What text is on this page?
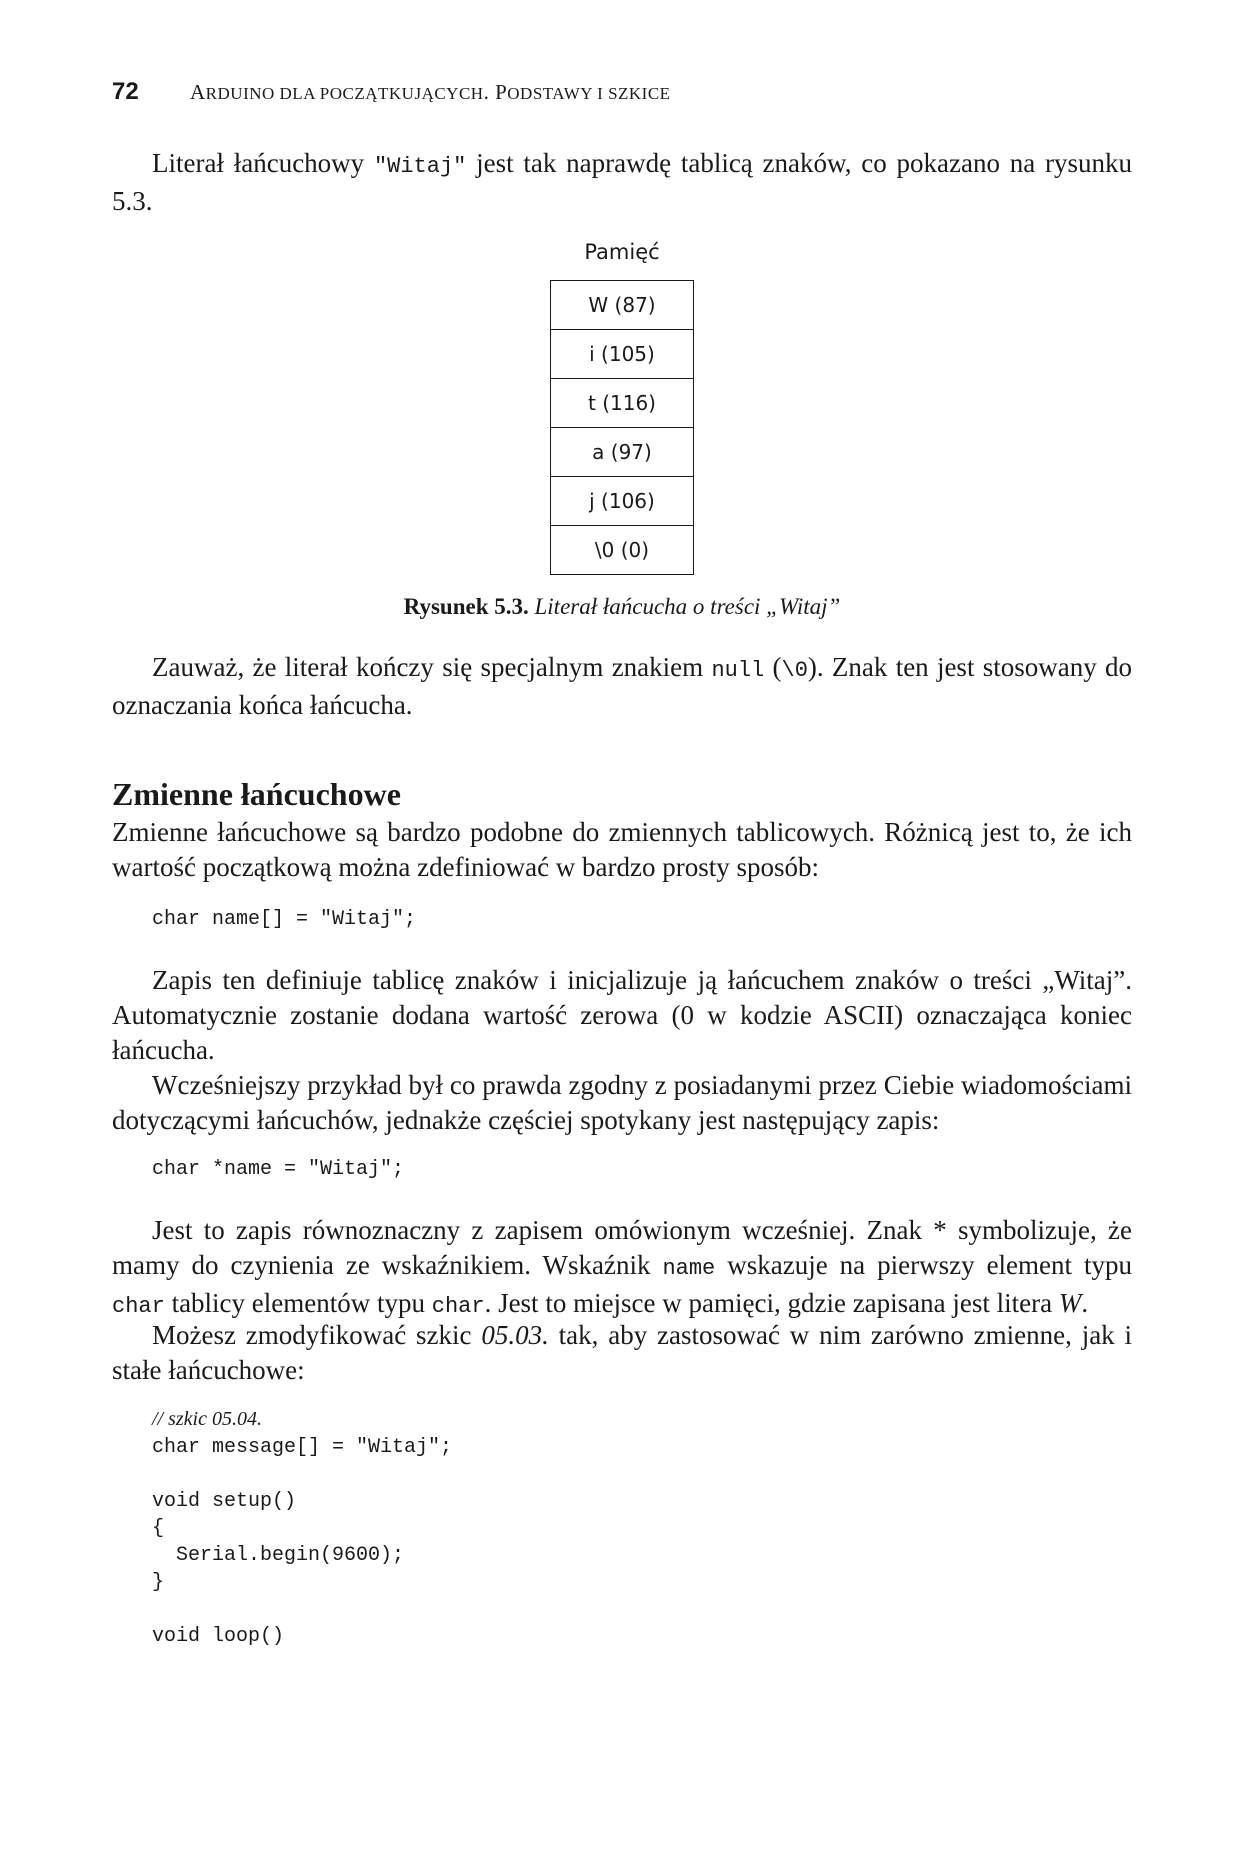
72 ARDUINO DLA POCZĄTKUJĄCYCH. PODSTAWY I SZKICE

Literał łańcuchowy "Witaj" jest tak naprawdę tablicą znaków, co pokazano na rysunku 5.3.

Pamięć
W (87)
i (105)
t (116)
a (97)
j (106)
\0 (0)
Rysunek 5.3. Literał łańcucha o treści „Witaj”

Zauważ, że literał kończy się specjalnym znakiem null (\0). Znak ten jest stosowany do oznaczania końca łańcucha.

Zmienne łańcuchowe

Zmienne łańcuchowe są bardzo podobne do zmiennych tablicowych. Różnicą jest to, że ich wartość początkową można zdefiniować w bardzo prosty sposób:

char name[] = "Witaj";

Zapis ten definiuje tablicę znaków i inicjalizuje ją łańcuchem znaków o treści „Witaj”. Automatycznie zostanie dodana wartość zerowa (0 w kodzie ASCII) oznaczająca koniec łańcucha.

Wcześniejszy przykład był co prawda zgodny z posiadanymi przez Ciebie wiadomościami dotyczącymi łańcuchów, jednakże częściej spotykany jest następujący zapis:

char *name = "Witaj";

Jest to zapis równoznaczny z zapisem omówionym wcześniej. Znak * symbolizuje, że mamy do czynienia ze wskaźnikiem. Wskaźnik name wskazuje na pierwszy element typu char tablicy elementów typu char. Jest to miejsce w pamięci, gdzie zapisana jest litera W.

Możesz zmodyfikować szkic 05.03. tak, aby zastosować w nim zarówno zmienne, jak i stałe łańcuchowe:

// szkic 05.04.
char message[] = "Witaj";

void setup()
{
Serial.begin(9600);
}

void loop()
